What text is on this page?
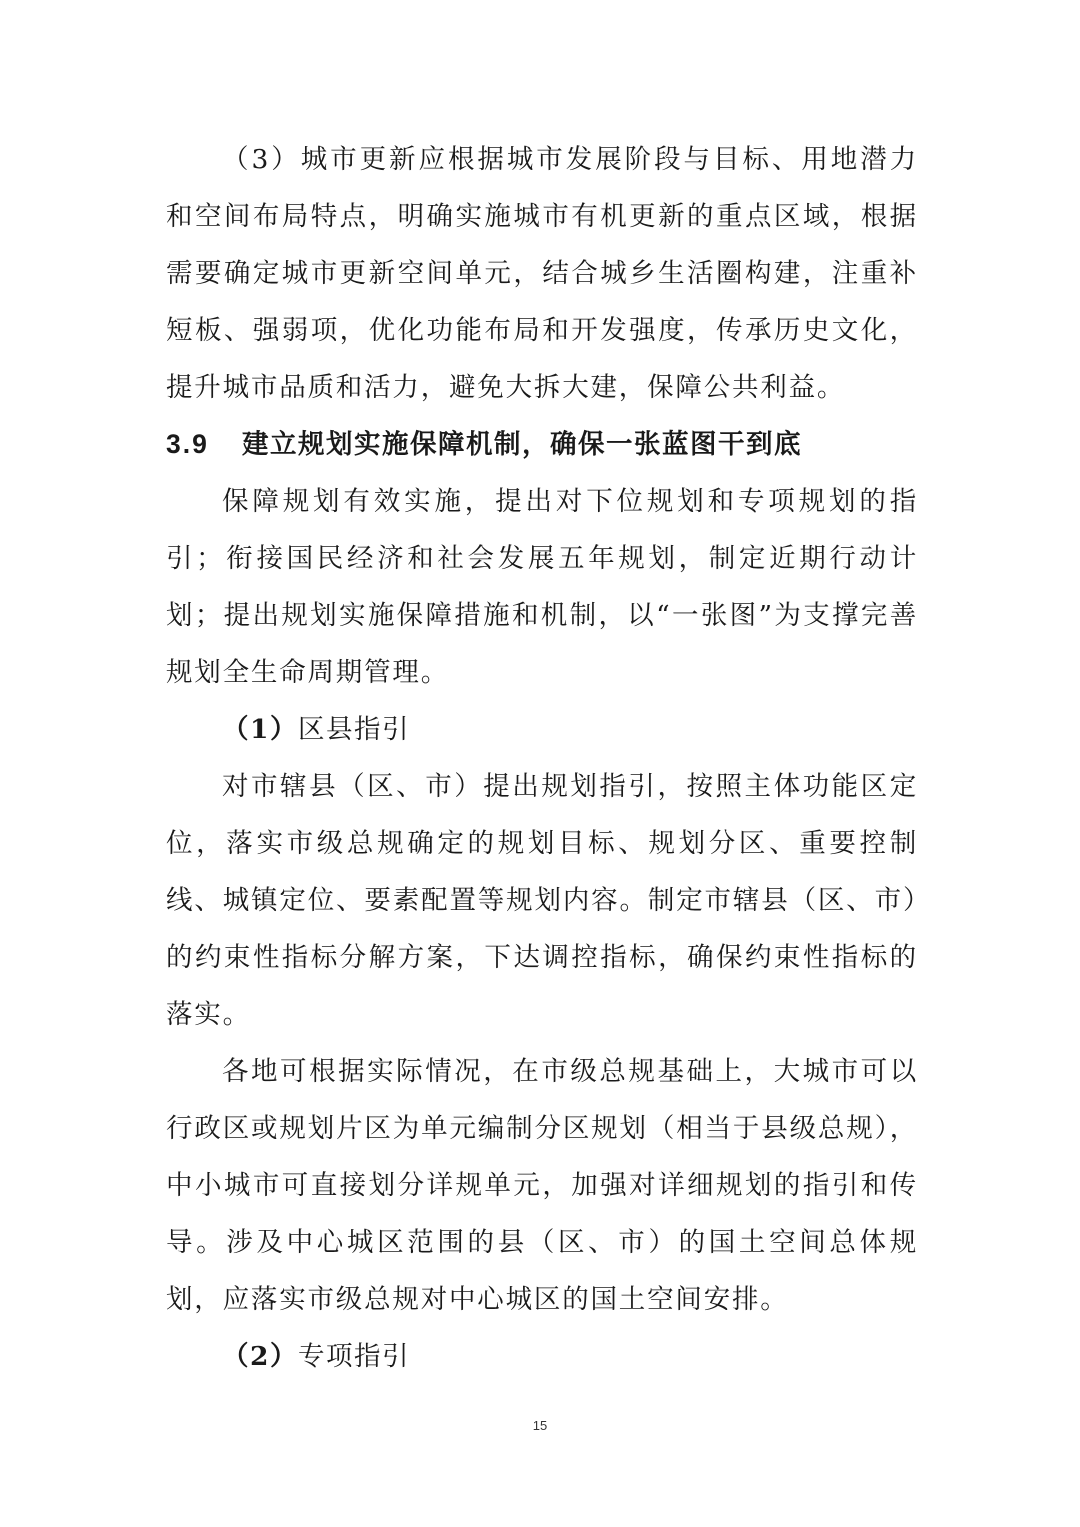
（3）城市更新应根据城市发展阶段与目标、用地潜力和空间布局特点，明确实施城市有机更新的重点区域，根据需要确定城市更新空间单元，结合城乡生活圈构建，注重补短板、强弱项，优化功能布局和开发强度，传承历史文化，提升城市品质和活力，避免大拆大建，保障公共利益。

3.9 建立规划实施保障机制，确保一张蓝图干到底

保障规划有效实施，提出对下位规划和专项规划的指引；衔接国民经济和社会发展五年规划，制定近期行动计划；提出规划实施保障措施和机制，以“一张图”为支撑完善规划全生命周期管理。

（1）区县指引

对市辖县（区、市）提出规划指引，按照主体功能区定位，落实市级总规确定的规划目标、规划分区、重要控制线、城镇定位、要素配置等规划内容。制定市辖县（区、市）的约束性指标分解方案，下达调控指标，确保约束性指标的落实。

各地可根据实际情况，在市级总规基础上，大城市可以行政区或规划片区为单元编制分区规划（相当于县级总规），中小城市可直接划分详规单元，加强对详细规划的指引和传导。涉及中心城区范围的县（区、市）的国土空间总体规划，应落实市级总规对中心城区的国土空间安排。

（2）专项指引
15
